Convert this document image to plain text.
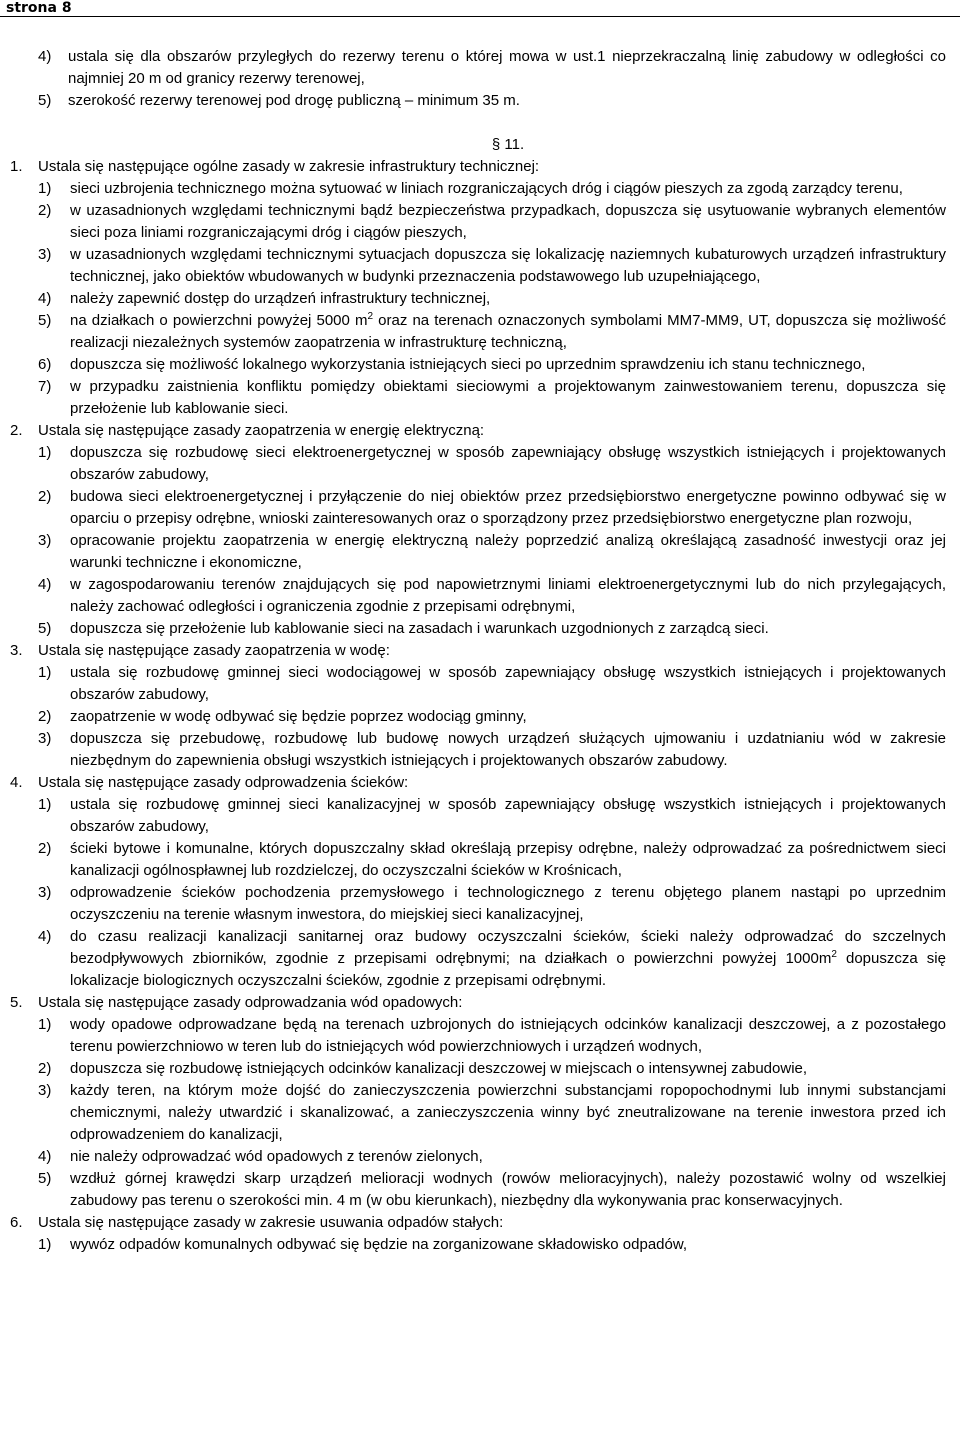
strona 8
4) ustala się dla obszarów przyległych do rezerwy terenu o której mowa w ust.1 nieprzekraczalną linię zabudowy w odległości co najmniej 20 m od granicy rezerwy terenowej,
5) szerokość rezerwy terenowej pod drogę publiczną – minimum 35 m.
§ 11.
1. Ustala się następujące ogólne zasady w zakresie infrastruktury technicznej:
1) sieci uzbrojenia technicznego można sytuować w liniach rozgraniczających dróg i ciągów pieszych za zgodą zarządcy terenu,
2) w uzasadnionych względami technicznymi bądź bezpieczeństwa przypadkach, dopuszcza się usytuowanie wybranych elementów sieci poza liniami rozgraniczającymi dróg i ciągów pieszych,
3) w uzasadnionych względami technicznymi sytuacjach dopuszcza się lokalizację naziemnych kubaturowych urządzeń infrastruktury technicznej, jako obiektów wbudowanych w budynki przeznaczenia podstawowego lub uzupełniającego,
4) należy zapewnić dostęp do urządzeń infrastruktury technicznej,
5) na działkach o powierzchni powyżej 5000 $m^2$ oraz na terenach oznaczonych symbolami MM7-MM9, UT, dopuszcza się możliwość realizacji niezależnych systemów zaopatrzenia w infrastrukturę techniczną,
6) dopuszcza się możliwość lokalnego wykorzystania istniejących sieci po uprzednim sprawdzeniu ich stanu technicznego,
7) w przypadku zaistnienia konfliktu pomiędzy obiektami sieciowymi a projektowanym zainwestowaniem terenu, dopuszcza się przełożenie lub kablowanie sieci.
2. Ustala się następujące zasady zaopatrzenia w energię elektryczną:
1) dopuszcza się rozbudowę sieci elektroenergetycznej w sposób zapewniający obsługę wszystkich istniejących i projektowanych obszarów zabudowy,
2) budowa sieci elektroenergetycznej i przyłączenie do niej obiektów przez przedsiębiorstwo energetyczne powinno odbywać się w oparciu o przepisy odrębne, wnioski zainteresowanych oraz o sporządzony przez przedsiębiorstwo energetyczne plan rozwoju,
3) opracowanie projektu zaopatrzenia w energię elektryczną należy poprzedzić analizą określającą zasadność inwestycji oraz jej warunki techniczne i ekonomiczne,
4) w zagospodarowaniu terenów znajdujących się pod napowietrznymi liniami elektroenergetycznymi lub do nich przylegających, należy zachować odległości i ograniczenia zgodnie z przepisami odrębnymi,
5) dopuszcza się przełożenie lub kablowanie sieci na zasadach i warunkach uzgodnionych z zarządcą sieci.
3. Ustala się następujące zasady zaopatrzenia w wodę:
1) ustala się rozbudowę gminnej sieci wodociągowej w sposób zapewniający obsługę wszystkich istniejących i projektowanych obszarów zabudowy,
2) zaopatrzenie w wodę odbywać się będzie poprzez wodociąg gminny,
3) dopuszcza się przebudowę, rozbudowę lub budowę nowych urządzeń służących ujmowaniu i uzdatnianiu wód w zakresie niezbędnym do zapewnienia obsługi wszystkich istniejących i projektowanych obszarów zabudowy.
4. Ustala się następujące zasady odprowadzenia ścieków:
1) ustala się rozbudowę gminnej sieci kanalizacyjnej w sposób zapewniający obsługę wszystkich istniejących i projektowanych obszarów zabudowy,
2) ścieki bytowe i komunalne, których dopuszczalny skład określają przepisy odrębne, należy odprowadzać za pośrednictwem sieci kanalizacji ogólnospławnej lub rozdzielczej, do oczyszczalni ścieków w Krośnicach,
3) odprowadzenie ścieków pochodzenia przemysłowego i technologicznego z terenu objętego planem nastąpi po uprzednim oczyszczeniu na terenie własnym inwestora, do miejskiej sieci kanalizacyjnej,
4) do czasu realizacji kanalizacji sanitarnej oraz budowy oczyszczalni ścieków, ścieki należy odprowadzać do szczelnych bezodpływowych zbiorników, zgodnie z przepisami odrębnymi; na działkach o powierzchni powyżej $1000m^2$ dopuszcza się lokalizacje biologicznych oczyszczalni ścieków, zgodnie z przepisami odrębnymi.
5. Ustala się następujące zasady odprowadzania wód opadowych:
1) wody opadowe odprowadzane będą na terenach uzbrojonych do istniejących odcinków kanalizacji deszczowej, a z pozostałego terenu powierzchniowo w teren lub do istniejących wód powierzchniowych i urządzeń wodnych,
2) dopuszcza się rozbudowę istniejących odcinków kanalizacji deszczowej w miejscach o intensywnej zabudowie,
3) każdy teren, na którym może dojść do zanieczyszczenia powierzchni substancjami ropopochodnymi lub innymi substancjami chemicznymi, należy utwardzić i skanalizować, a zanieczyszczenia winny być zneutralizowane na terenie inwestora przed ich odprowadzeniem do kanalizacji,
4) nie należy odprowadzać wód opadowych z terenów zielonych,
5) wzdłuż górnej krawędzi skarp urządzeń melioracji wodnych (rowów melioracyjnych), należy pozostawić wolny od wszelkiej zabudowy pas terenu o szerokości min. 4 m (w obu kierunkach), niezbędny dla wykonywania prac konserwacyjnych.
6. Ustala się następujące zasady w zakresie usuwania odpadów stałych:
1) wywóz odpadów komunalnych odbywać się będzie na zorganizowane składowisko odpadów,
